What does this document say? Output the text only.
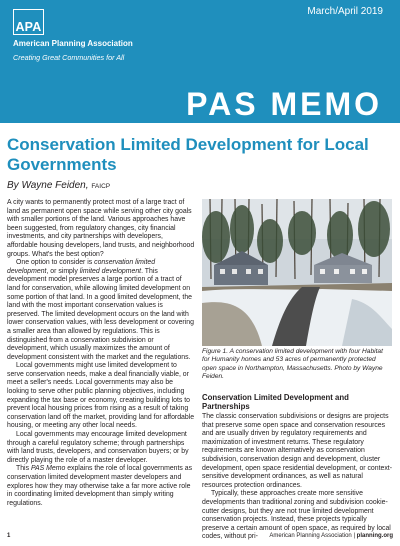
APA
American Planning Association
Creating Great Communities for All
March/April 2019
PAS MEMO
Conservation Limited Development for Local Governments
By Wayne Feiden, FAICP

A city wants to permanently protect most of a large tract of land as permanent open space while serving other city goals with smaller portions of the land. Various approaches have been suggested, from regulatory changes, city financial investments, and city partnerships with developers, affordable housing developers, land trusts, and neighborhood groups. What's the best option?

One option to consider is conservation limited development, or simply limited development. This development model preserves a large portion of a tract of land for conservation, while allowing limited development on some portion of that land. In a good limited development, the land with the most important conservation values is preserved. The limited development occurs on the land with lower conservation values, with less development or covering a smaller area than allowed by regulations. This is distinguished from a conservation subdivision or development, which usually maximizes the amount of development consistent with the market and the regulations.

Local governments might use limited development to serve conservation needs, make a deal financially viable, or meet a seller's needs. Local governments may also be looking to serve other public planning objectives, including expanding the tax base or economy, creating building lots to prevent local housing prices from rising as a result of taking conservation land off the market, providing land for affordable housing, or meeting any other local needs.

Local governments may encourage limited development through a careful regulatory scheme; through partnerships with land trusts, developers, and conservation buyers; or by directly playing the role of a master developer.

This PAS Memo explains the role of local governments as conservation limited development master developers and explores how they may otherwise take a far more active role in coordinating limited development than simply writing regulations.

Figure 1. A conservation limited development with four Habitat for Humanity homes and 53 acres of permanently protected open space in Northampton, Massachusetts. Photo by Wayne Feiden.

Conservation Limited Development and Partnerships

The classic conservation subdivisions or designs are projects that preserve some open space and conservation resources and are usually driven by regulatory requirements and maximization of investment returns. These regulatory requirements are known alternatively as conservation subdivision, conservation design and development, cluster development, open space residential development, or context-sensitive development ordinances, as well as natural resources protection ordinances.

Typically, these approaches create more sensitive developments than traditional zoning and subdivision cookie-cutter designs, but they are not true limited development conservation projects. Instead, these projects typically preserve a certain amount of open space, as required by local codes, without pri-

1	American Planning Association | planning.org
